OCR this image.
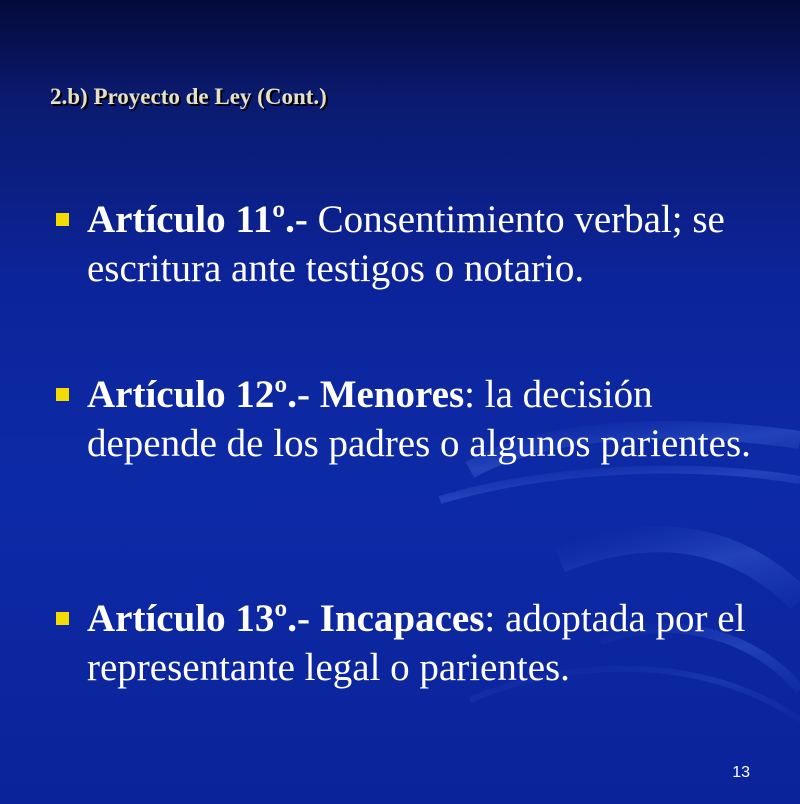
2.b) Proyecto de Ley (Cont.)

Artículo 11º.- Consentimiento verbal; se escritura ante testigos o notario.

Artículo 12º.- Menores: la decisión depende de los padres o algunos parientes.

Artículo 13º.- Incapaces: adoptada por el representante legal o parientes.

13
